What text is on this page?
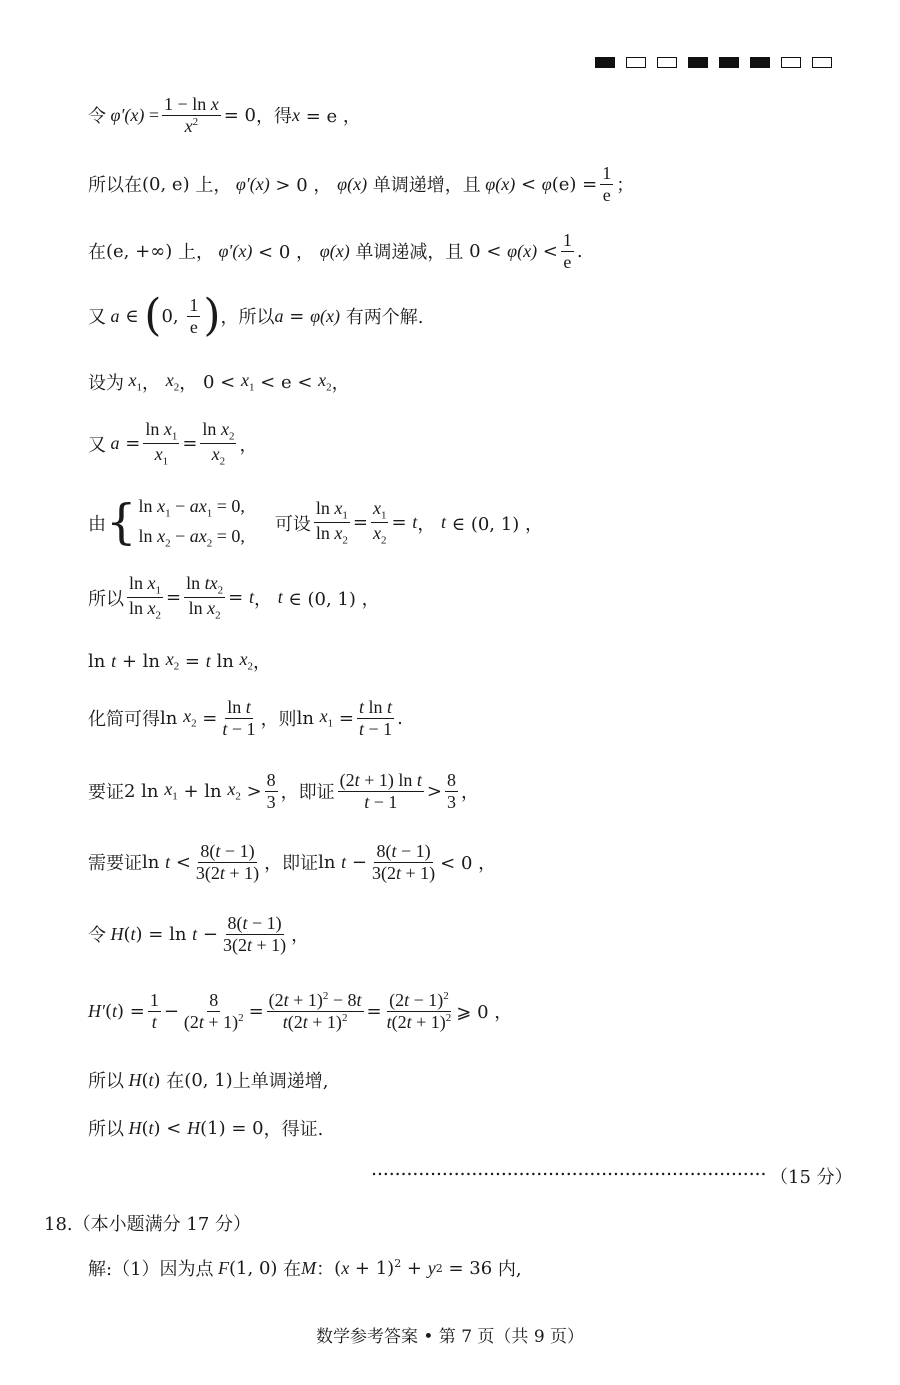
令 $\varphi'(x) = \frac{\text{1 − ln x}}{x^2} = 0$ ，得 x = e ，
所以在 (0, e)
上， φ′(x) > 0 ， φ(x)
单调递增，且 φ(x) < φ $(e) = \frac{1}{e}$ ；
在 (e, +∞)
上， φ′(x) < 0 ， φ(x)
单调递减，且 $0 < \varphi(x) < \frac{1}{e}$ .
又 a ∈ ( 0, $\frac{1}{e}$ ) ，所以 a = φ(x)
有两个解.
设为 $x_1$ ， $x_2$ ， $0 < x_1 < e < x_2$ ，
又 $a = \frac{\ln x_1}{x_1} = \frac{\ln x_2}{x_2}$ ，
由 { $\ln x_1 - ax_1 = 0$,
$\ln x_2 - ax_2 = 0$,
可设 $\frac{\ln x_1}{\ln x_2} = \frac{x_1}{x_2} = t$ ， t ∈ (0, 1) ，
所以 $\frac{\ln x_1}{\ln x_2} = \frac{\ln tx_2}{\ln x_2} = t$ ， t ∈ (0, 1) ，
$\ln t + \ln x_2 = t$ $\ln x_2$ ，
化简可得 $\ln x_2 = \frac{\text{ln t}}{t - 1}$ ，则 $\ln x_1 = \frac{\text{t ln t}}{t - 1}$ .
要证 2 $\ln x_1 + \ln x_2 > \frac{8}{3}$ ，即证 $\frac{\text{(2t + 1) ln t}}{t - 1} > \frac{8}{3}$ ，
需要证 $\ln t < \frac{8(t - 1)}{3(2t + 1)}$ ，即证 $\ln t - \frac{8(t - 1)}{3(2t + 1)} < 0$ ，
令 H ( t ) = $\ln t - \frac{8(t - 1)}{3(2t + 1)}$ ，
H′ ( t ) = $\frac{1}{t} - \frac{8}{(2t + 1)^2} = \frac{(2t + 1)^2 - 8t}{t(2t + 1)^2} = \frac{(2t - 1)^2}{t(2t + 1)^2}$ ⩾ 0 ，
所以 H ( t ) 在 (0, 1) 上单调递增,
所以 H ( t ) < H (1) = 0 ，得证.
（15 分）
18.（本小题满分 17 分）
解:（1）因为点
F (1, 0) 在 M ： ( x + 1)$^2$ + y 2 = 36 内,
数学参考答案 • 第 7 页（共 9 页）
